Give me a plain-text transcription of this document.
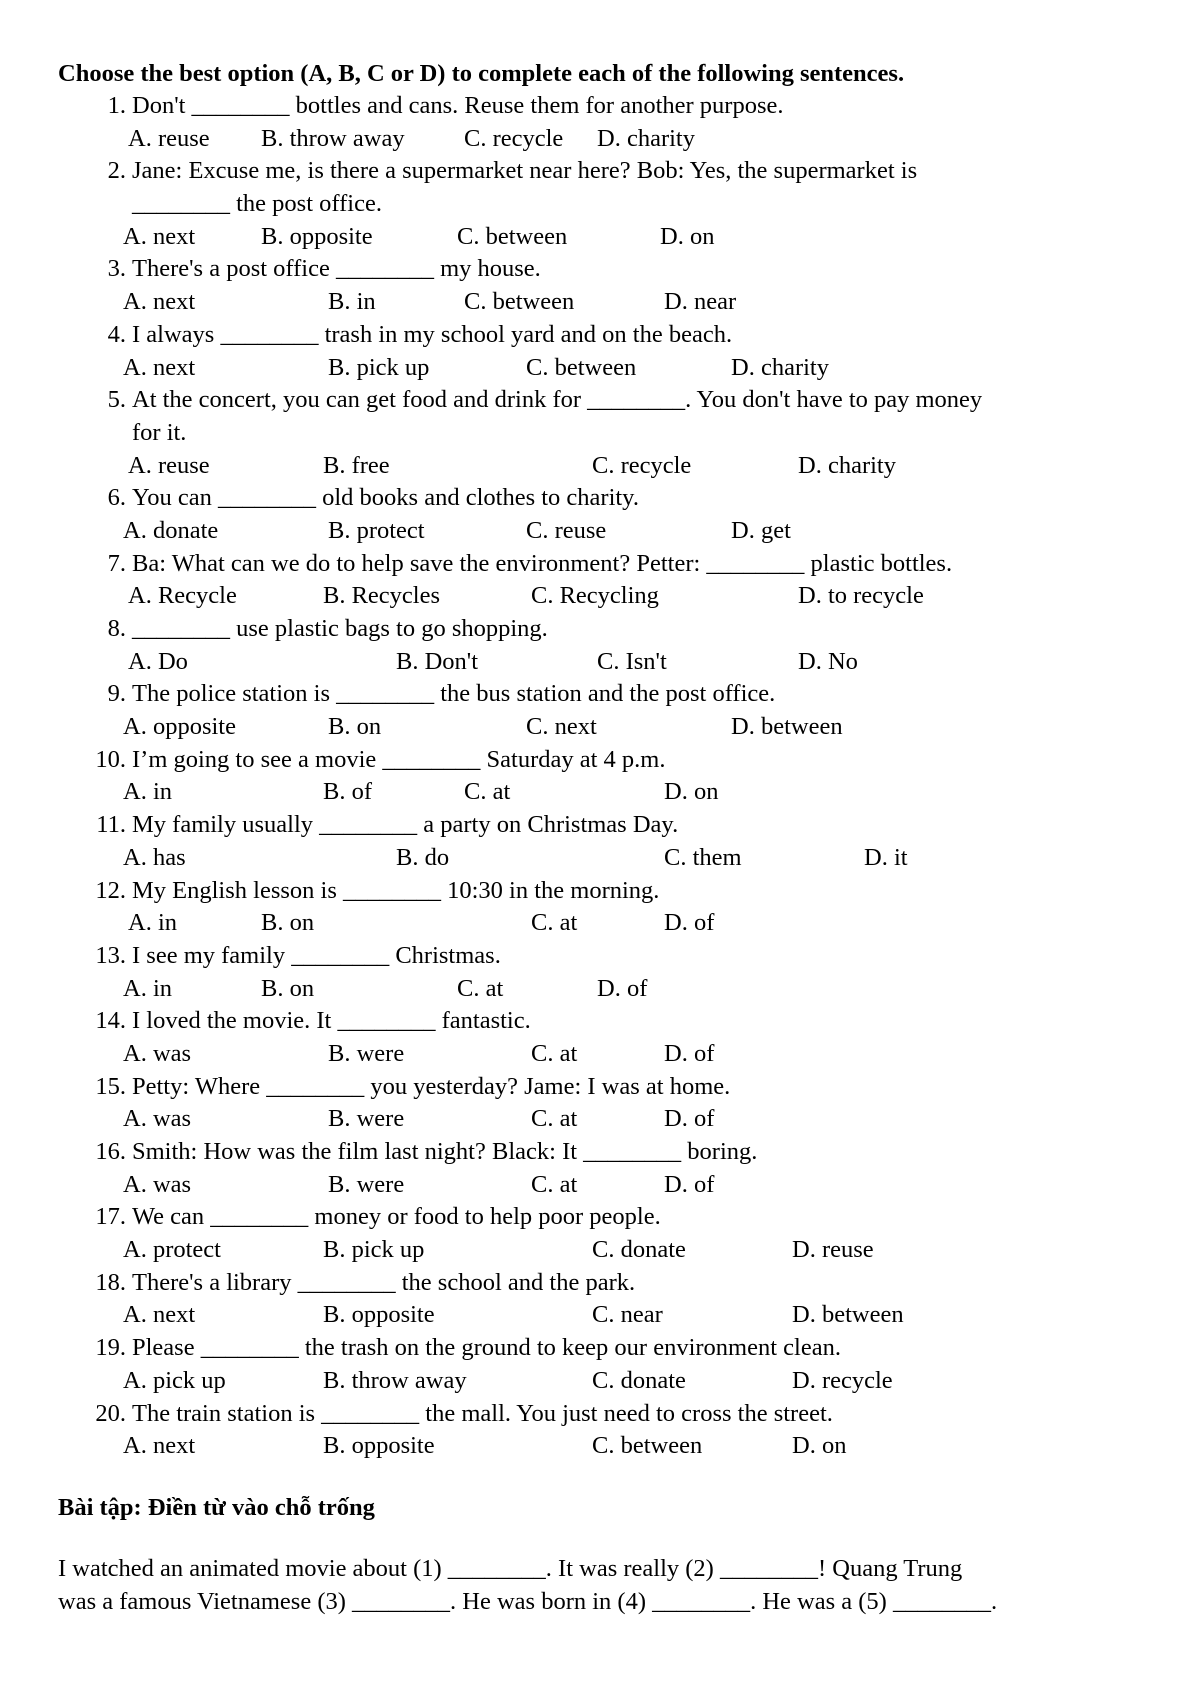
Choose the best option (A, B, C or D) to complete each of the following sentences.
1. Don't ________ bottles and cans. Reuse them for another purpose.
A. reuse B. throw away C. recycle D. charity
2. Jane: Excuse me, is there a supermarket near here? Bob: Yes, the supermarket is
________ the post office.
A. next	B. opposite	C. between	D. on
3. There's a post office ________ my house.
A. next	B. in	C. between	D. near
4. I always ________ trash in my school yard and on the beach.
A. next	B. pick up	C. between	D. charity
5. At the concert, you can get food and drink for ________. You don't have to pay money
for it.
A. reuse	B. free	C. recycle	D. charity
6. You can ________ old books and clothes to charity.
A. donate	B. protect	C. reuse	D. get
7. Ba: What can we do to help save the environment? Petter: ________ plastic bottles.
A. Recycle	B. Recycles	C. Recycling	D. to recycle
8. ________ use plastic bags to go shopping.
A. Do	B. Don't	C. Isn't	D. No
9. The police station is ________ the bus station and the post office.
A. opposite	B. on	C. next	D. between
10. I’m going to see a movie ________ Saturday at 4 p.m.
A. in	B. of	C. at	D. on
11. My family usually ________ a party on Christmas Day.
A. has	B. do	C. them	D. it
12. My English lesson is ________ 10:30 in the morning.
A. in	B. on	C. at	D. of
13. I see my family ________ Christmas.
A. in	B. on	C. at	D. of
14. I loved the movie. It ________ fantastic.
A. was	B. were	C. at	D. of
15. Petty: Where ________ you yesterday? Jame: I was at home.
A. was	B. were	C. at	D. of
16. Smith: How was the film last night? Black: It ________ boring.
A. was	B. were	C. at	D. of
17. We can ________ money or food to help poor people.
A. protect	B. pick up	C. donate	D. reuse
18. There's a library ________ the school and the park.
A. next	B. opposite	C. near	D. between
19. Please ________ the trash on the ground to keep our environment clean.
A. pick up	B. throw away	C. donate	D. recycle
20. The train station is ________ the mall. You just need to cross the street.
A. next	B. opposite	C. between	D. on
Bài tập: Điền từ vào chỗ trống
I watched an animated movie about (1) ________. It was really (2) ________! Quang Trung
was a famous Vietnamese (3) ________. He was born in (4) ________. He was a (5) ________.
